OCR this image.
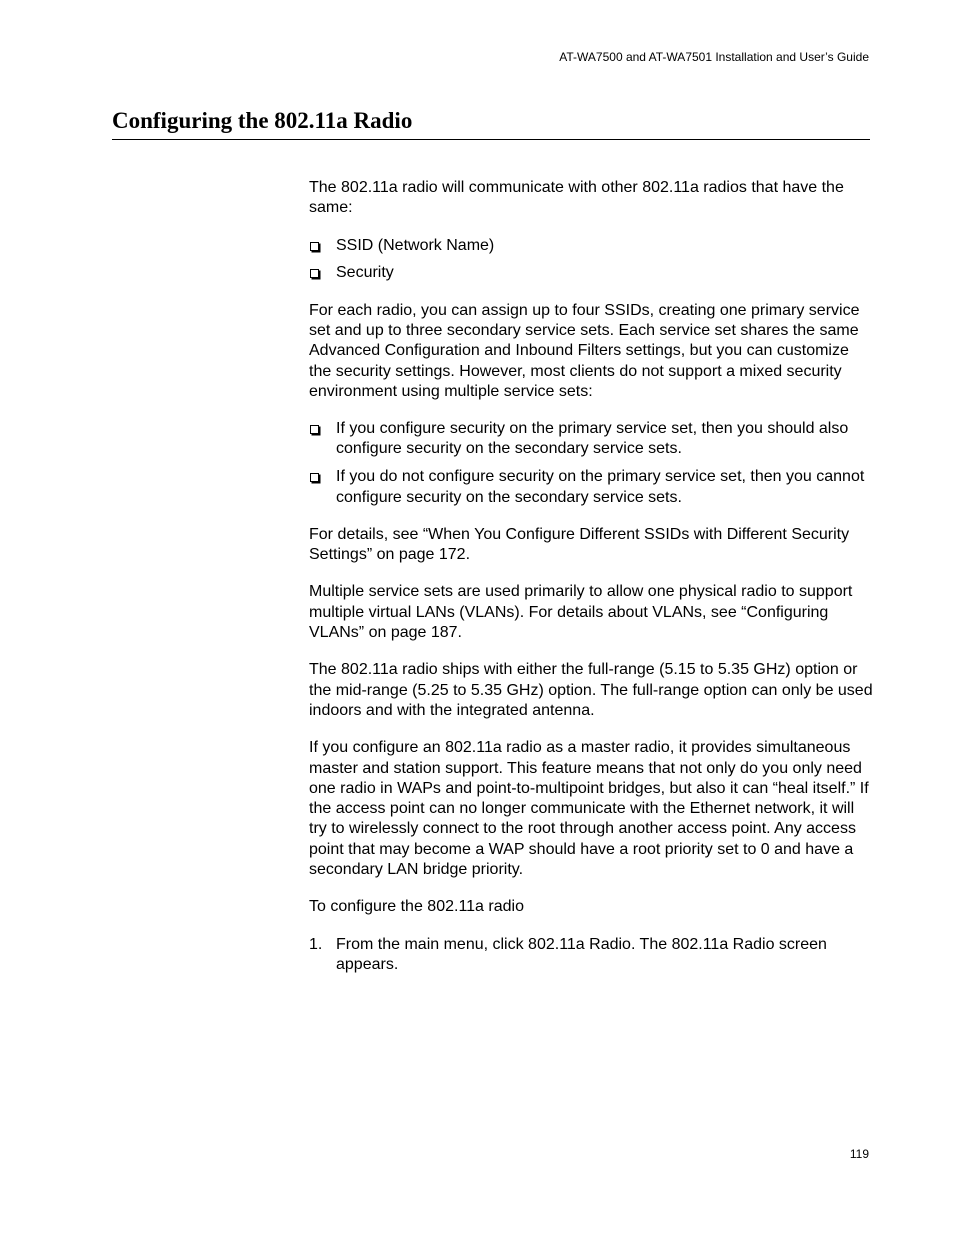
AT-WA7500 and AT-WA7501 Installation and User’s Guide
Configuring the 802.11a Radio

The 802.11a radio will communicate with other 802.11a radios that have the same:

SSID (Network Name)
Security

For each radio, you can assign up to four SSIDs, creating one primary service set and up to three secondary service sets. Each service set shares the same Advanced Configuration and Inbound Filters settings, but you can customize the security settings. However, most clients do not support a mixed security environment using multiple service sets:

If you configure security on the primary service set, then you should also configure security on the secondary service sets.
If you do not configure security on the primary service set, then you cannot configure security on the secondary service sets.

For details, see “When You Configure Different SSIDs with Different Security Settings” on page 172.

Multiple service sets are used primarily to allow one physical radio to support multiple virtual LANs (VLANs). For details about VLANs, see “Configuring VLANs” on page 187.

The 802.11a radio ships with either the full-range (5.15 to 5.35 GHz) option or the mid-range (5.25 to 5.35 GHz) option. The full-range option can only be used indoors and with the integrated antenna.

If you configure an 802.11a radio as a master radio, it provides simultaneous master and station support. This feature means that not only do you only need one radio in WAPs and point-to-multipoint bridges, but also it can “heal itself.” If the access point can no longer communicate with the Ethernet network, it will try to wirelessly connect to the root through another access point. Any access point that may become a WAP should have a root priority set to 0 and have a secondary LAN bridge priority.

To configure the 802.11a radio

1. From the main menu, click 802.11a Radio. The 802.11a Radio screen appears.
119
